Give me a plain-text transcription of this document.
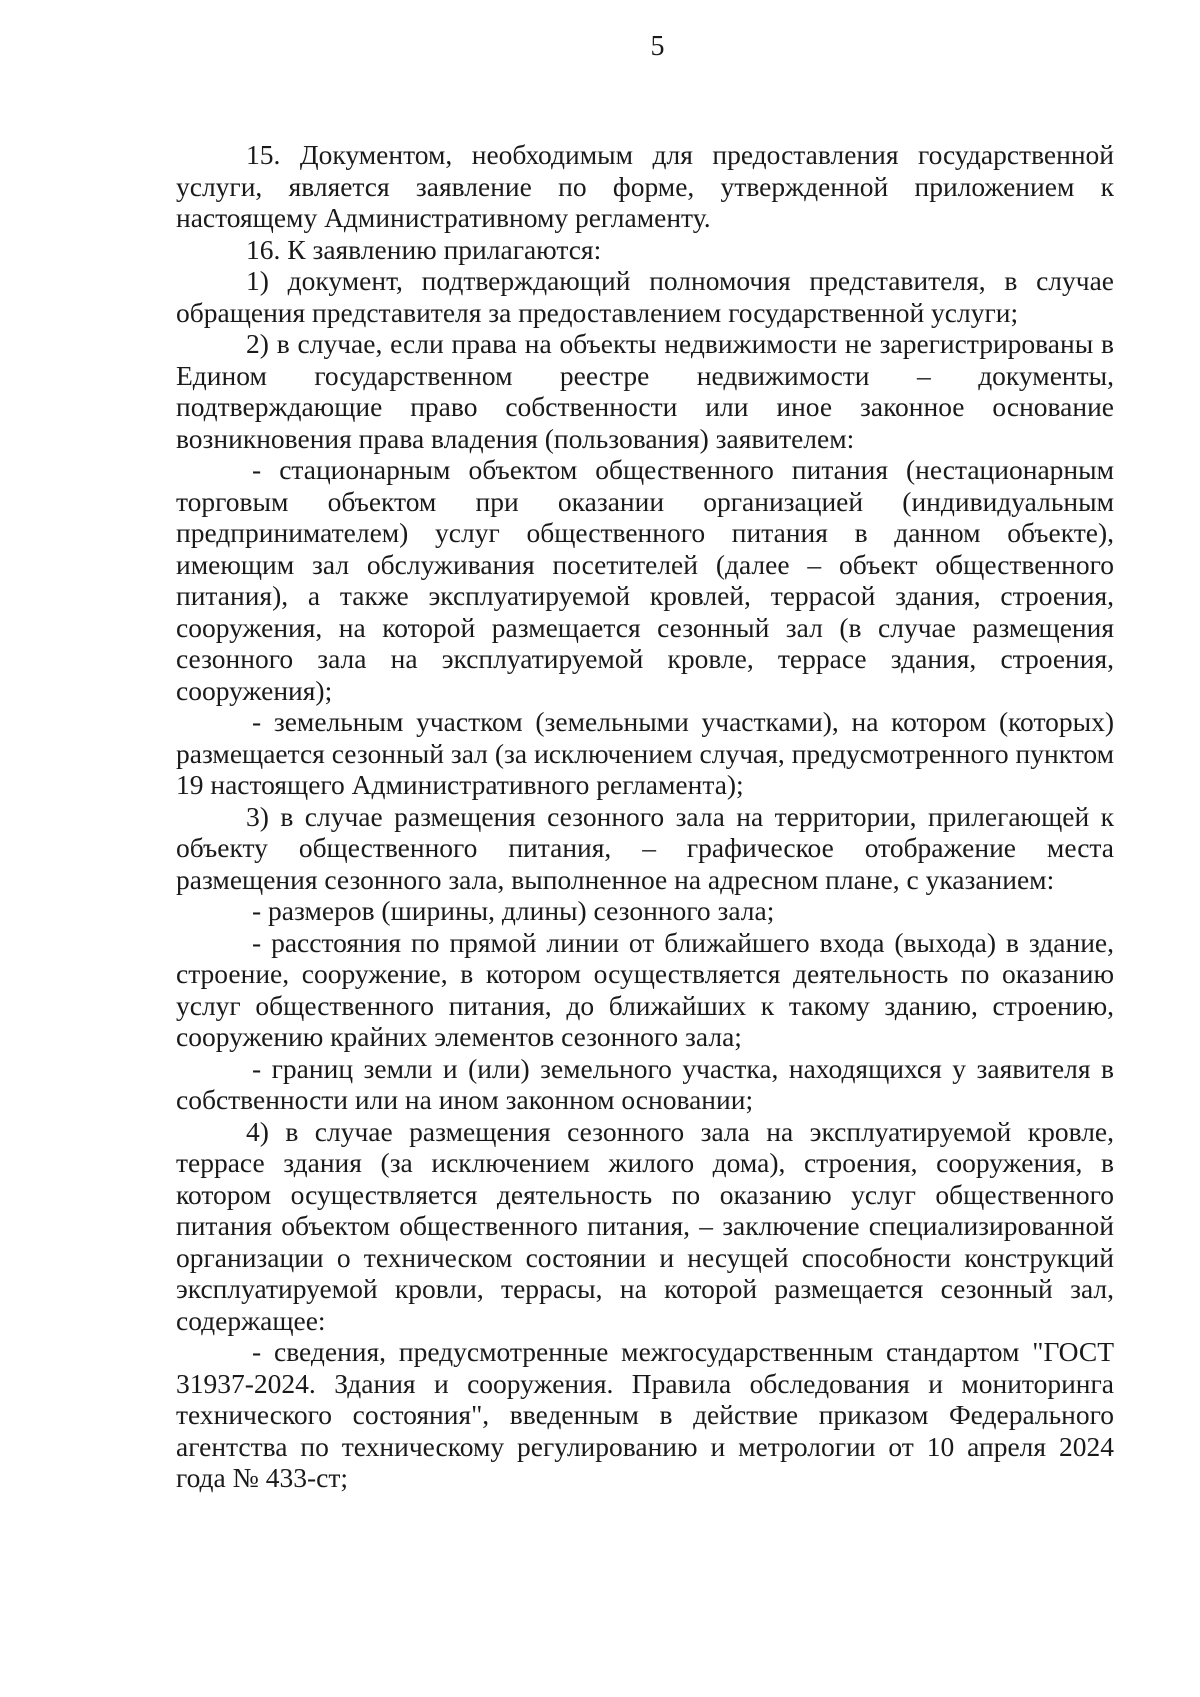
5

15. Документом, необходимым для предоставления государственной услуги, является заявление по форме, утвержденной приложением к настоящему Административному регламенту.

16. К заявлению прилагаются:

1) документ, подтверждающий полномочия представителя, в случае обращения представителя за предоставлением государственной услуги;

2) в случае, если права на объекты недвижимости не зарегистрированы в Едином государственном реестре недвижимости – документы, подтверждающие право собственности или иное законное основание возникновения права владения (пользования) заявителем:

- стационарным объектом общественного питания (нестационарным торговым объектом при оказании организацией (индивидуальным предпринимателем) услуг общественного питания в данном объекте), имеющим зал обслуживания посетителей (далее – объект общественного питания), а также эксплуатируемой кровлей, террасой здания, строения, сооружения, на которой размещается сезонный зал (в случае размещения сезонного зала на эксплуатируемой кровле, террасе здания, строения, сооружения);

- земельным участком (земельными участками), на котором (которых) размещается сезонный зал (за исключением случая, предусмотренного пунктом 19 настоящего Административного регламента);

3) в случае размещения сезонного зала на территории, прилегающей к объекту общественного питания, – графическое отображение места размещения сезонного зала, выполненное на адресном плане, с указанием:

- размеров (ширины, длины) сезонного зала;

- расстояния по прямой линии от ближайшего входа (выхода) в здание, строение, сооружение, в котором осуществляется деятельность по оказанию услуг общественного питания, до ближайших к такому зданию, строению, сооружению крайних элементов сезонного зала;

- границ земли и (или) земельного участка, находящихся у заявителя в собственности или на ином законном основании;

4) в случае размещения сезонного зала на эксплуатируемой кровле, террасе здания (за исключением жилого дома), строения, сооружения, в котором осуществляется деятельность по оказанию услуг общественного питания объектом общественного питания, – заключение специализированной организации о техническом состоянии и несущей способности конструкций эксплуатируемой кровли, террасы, на которой размещается сезонный зал, содержащее:

- сведения, предусмотренные межгосударственным стандартом "ГОСТ 31937-2024. Здания и сооружения. Правила обследования и мониторинга технического состояния", введенным в действие приказом Федерального агентства по техническому регулированию и метрологии от 10 апреля 2024 года № 433-ст;
